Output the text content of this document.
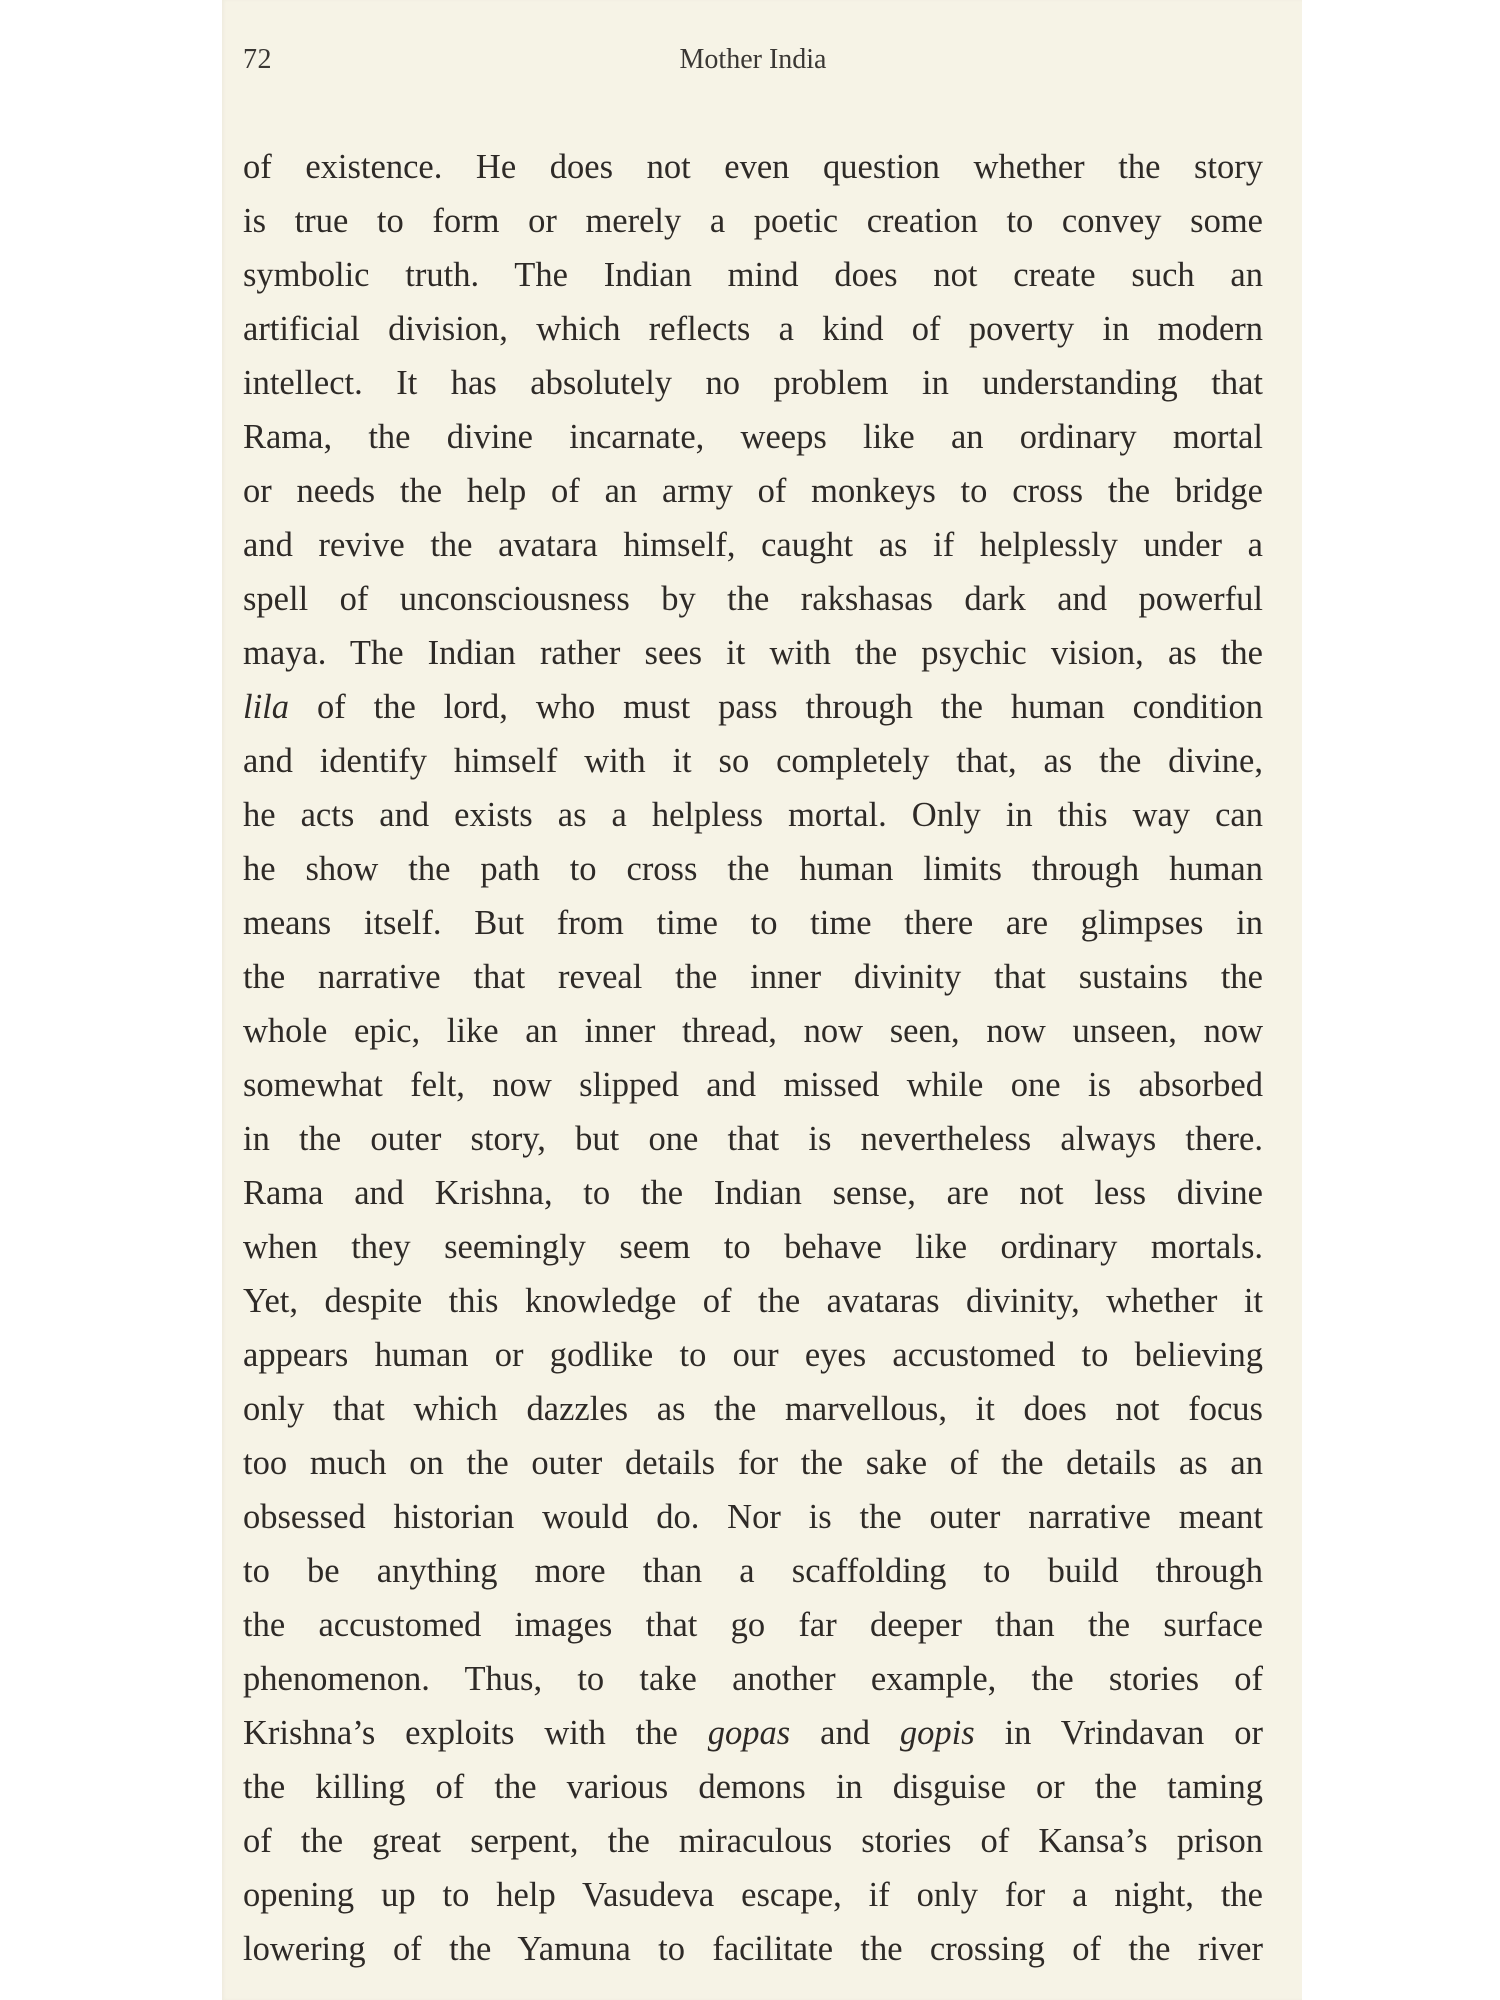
72	Mother India
of existence. He does not even question whether the story
is true to form or merely a poetic creation to convey some
symbolic truth. The Indian mind does not create such an
artificial division, which reflects a kind of poverty in modern
intellect. It has absolutely no problem in understanding that
Rama, the divine incarnate, weeps like an ordinary mortal
or needs the help of an army of monkeys to cross the bridge
and revive the avatara himself, caught as if helplessly under a
spell of unconsciousness by the rakshasas dark and powerful
maya. The Indian rather sees it with the psychic vision, as the
lila of the lord, who must pass through the human condition
and identify himself with it so completely that, as the divine,
he acts and exists as a helpless mortal. Only in this way can
he show the path to cross the human limits through human
means itself. But from time to time there are glimpses in
the narrative that reveal the inner divinity that sustains the
whole epic, like an inner thread, now seen, now unseen, now
somewhat felt, now slipped and missed while one is absorbed
in the outer story, but one that is nevertheless always there.
Rama and Krishna, to the Indian sense, are not less divine
when they seemingly seem to behave like ordinary mortals.
Yet, despite this knowledge of the avataras divinity, whether it
appears human or godlike to our eyes accustomed to believing
only that which dazzles as the marvellous, it does not focus
too much on the outer details for the sake of the details as an
obsessed historian would do. Nor is the outer narrative meant
to be anything more than a scaffolding to build through
the accustomed images that go far deeper than the surface
phenomenon. Thus, to take another example, the stories of
Krishna’s exploits with the gopas and gopis in Vrindavan or
the killing of the various demons in disguise or the taming
of the great serpent, the miraculous stories of Kansa’s prison
opening up to help Vasudeva escape, if only for a night, the
lowering of the Yamuna to facilitate the crossing of the river
